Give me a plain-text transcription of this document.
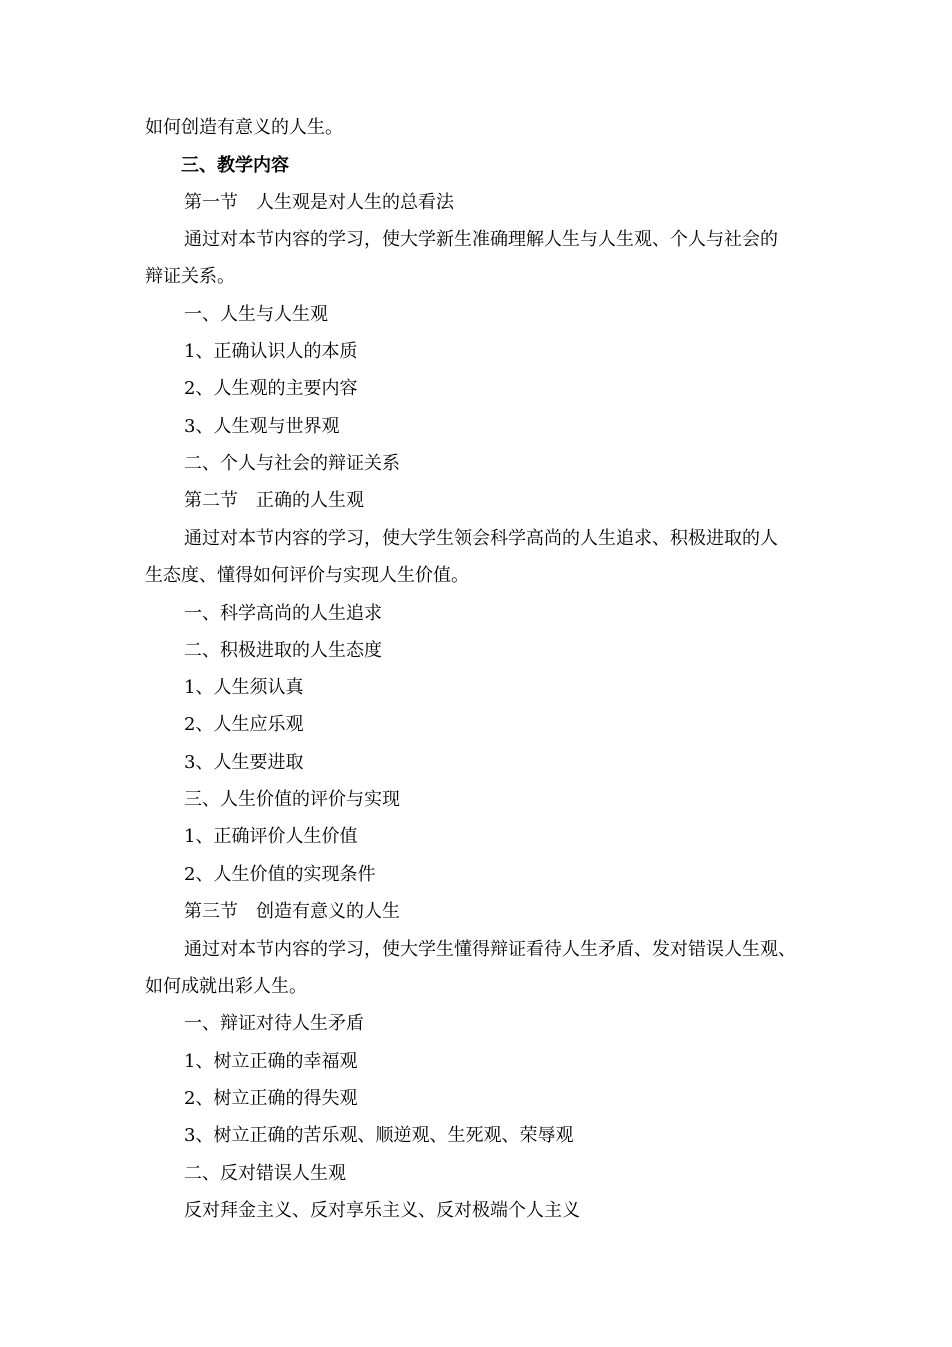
如何创造有意义的人生。
三、教学内容
第一节 人生观是对人生的总看法
通过对本节内容的学习，使大学新生准确理解人生与人生观、个人与社会的
辩证关系。
一、人生与人生观
1、正确认识人的本质
2、人生观的主要内容
3、人生观与世界观
二、个人与社会的辩证关系
第二节 正确的人生观
通过对本节内容的学习，使大学生领会科学高尚的人生追求、积极进取的人
生态度、懂得如何评价与实现人生价值。
一、科学高尚的人生追求
二、积极进取的人生态度
1、人生须认真
2、人生应乐观
3、人生要进取
三、人生价值的评价与实现
1、正确评价人生价值
2、人生价值的实现条件
第三节 创造有意义的人生
通过对本节内容的学习，使大学生懂得辩证看待人生矛盾、发对错误人生观、
如何成就出彩人生。
一、辩证对待人生矛盾
1、树立正确的幸福观
2、树立正确的得失观
3、树立正确的苦乐观、顺逆观、生死观、荣辱观
二、反对错误人生观
反对拜金主义、反对享乐主义、反对极端个人主义
